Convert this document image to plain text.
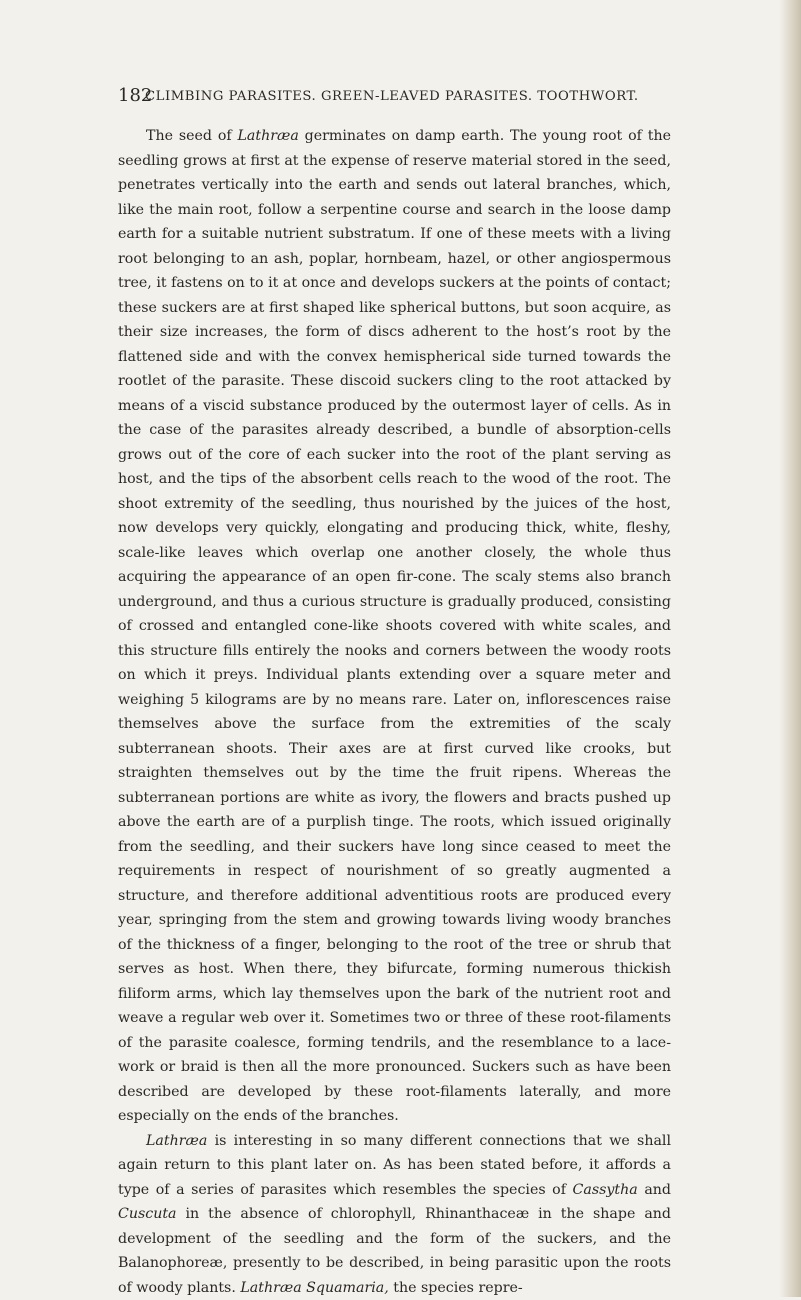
182
CLIMBING PARASITES. GREEN-LEAVED PARASITES. TOOTHWORT.

The seed of Lathræa germinates on damp earth. The young root of the seedling grows at first at the expense of reserve material stored in the seed, penetrates vertically into the earth and sends out lateral branches, which, like the main root, follow a serpentine course and search in the loose damp earth for a suitable nutrient substratum. If one of these meets with a living root belonging to an ash, poplar, hornbeam, hazel, or other angiospermous tree, it fastens on to it at once and develops suckers at the points of contact; these suckers are at first shaped like spherical buttons, but soon acquire, as their size increases, the form of discs adherent to the host’s root by the flattened side and with the convex hemispherical side turned towards the rootlet of the parasite. These discoid suckers cling to the root attacked by means of a viscid substance produced by the outermost layer of cells. As in the case of the parasites already described, a bundle of absorption-cells grows out of the core of each sucker into the root of the plant serving as host, and the tips of the absorbent cells reach to the wood of the root. The shoot extremity of the seedling, thus nourished by the juices of the host, now develops very quickly, elongating and producing thick, white, fleshy, scale-like leaves which overlap one another closely, the whole thus acquiring the appearance of an open fir-cone. The scaly stems also branch underground, and thus a curious structure is gradually produced, consisting of crossed and entangled cone-like shoots covered with white scales, and this structure fills entirely the nooks and corners between the woody roots on which it preys. Individual plants extending over a square meter and weighing 5 kilograms are by no means rare. Later on, inflorescences raise themselves above the surface from the extremities of the scaly subterranean shoots. Their axes are at first curved like crooks, but straighten themselves out by the time the fruit ripens. Whereas the subterranean portions are white as ivory, the flowers and bracts pushed up above the earth are of a purplish tinge. The roots, which issued originally from the seedling, and their suckers have long since ceased to meet the requirements in respect of nourishment of so greatly augmented a structure, and therefore additional adventitious roots are produced every year, springing from the stem and growing towards living woody branches of the thickness of a finger, belonging to the root of the tree or shrub that serves as host. When there, they bifurcate, forming numerous thickish filiform arms, which lay themselves upon the bark of the nutrient root and weave a regular web over it. Sometimes two or three of these root-filaments of the parasite coalesce, forming tendrils, and the resemblance to a lace-work or braid is then all the more pronounced. Suckers such as have been described are developed by these root-filaments laterally, and more especially on the ends of the branches.

Lathræa is interesting in so many different connections that we shall again return to this plant later on. As has been stated before, it affords a type of a series of parasites which resembles the species of Cassytha and Cuscuta in the absence of chlorophyll, Rhinanthaceæ in the shape and development of the seedling and the form of the suckers, and the Balanophoreæ, presently to be described, in being parasitic upon the roots of woody plants. Lathræa Squamaria, the species repre-
